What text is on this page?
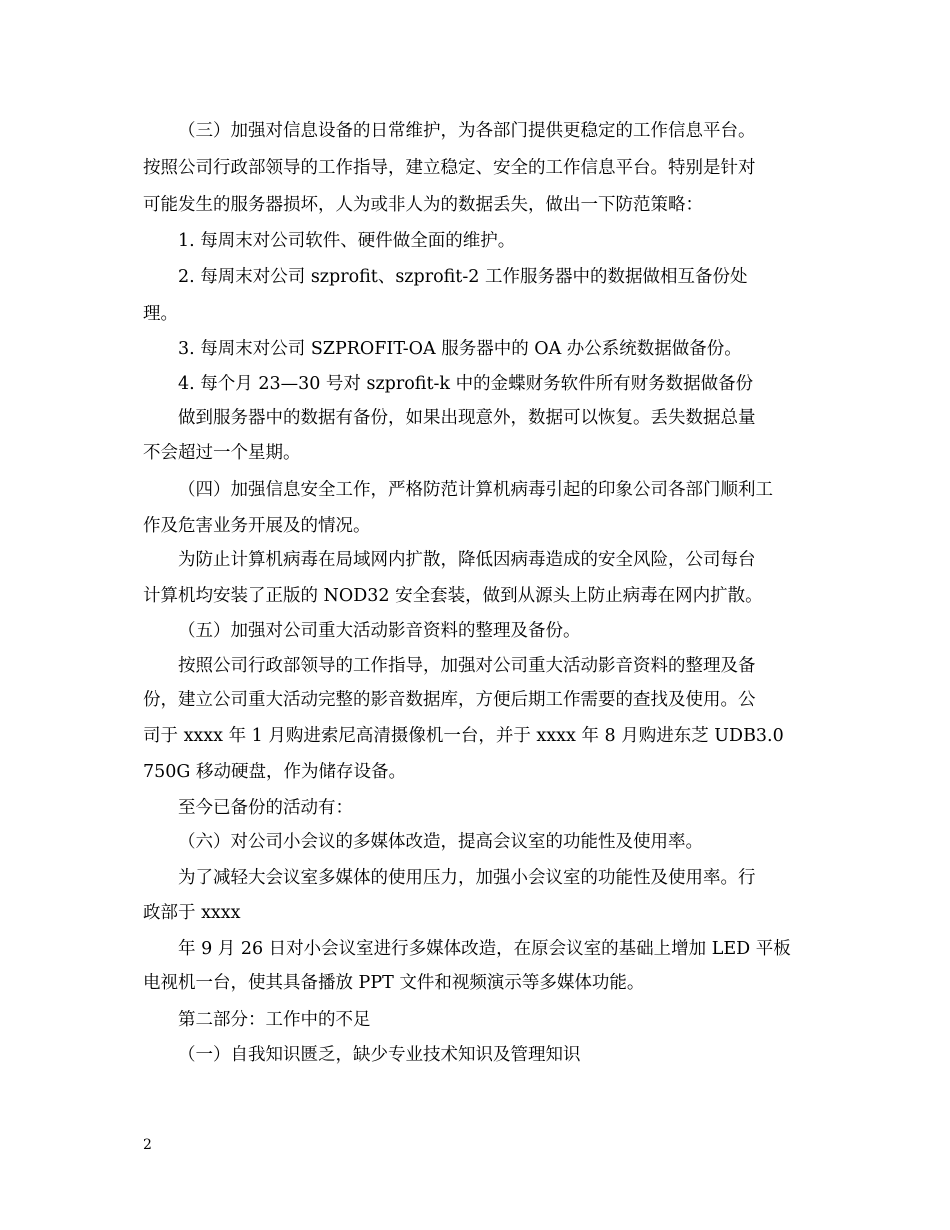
（三）加强对信息设备的日常维护，为各部门提供更稳定的工作信息平台。
按照公司行政部领导的工作指导，建立稳定、安全的工作信息平台。特别是针对
可能发生的服务器损坏，人为或非人为的数据丢失，做出一下防范策略：
1. 每周末对公司软件、硬件做全面的维护。
2. 每周末对公司 szprofit、szprofit-2 工作服务器中的数据做相互备份处
理。
3. 每周末对公司 SZPROFIT-OA 服务器中的 OA 办公系统数据做备份。
4. 每个月 23—30 号对 szprofit-k 中的金蝶财务软件所有财务数据做备份
做到服务器中的数据有备份，如果出现意外，数据可以恢复。丢失数据总量
不会超过一个星期。
（四）加强信息安全工作，严格防范计算机病毒引起的印象公司各部门顺利工
作及危害业务开展及的情况。
为防止计算机病毒在局域网内扩散，降低因病毒造成的安全风险，公司每台
计算机均安装了正版的 NOD32 安全套装，做到从源头上防止病毒在网内扩散。
（五）加强对公司重大活动影音资料的整理及备份。
按照公司行政部领导的工作指导，加强对公司重大活动影音资料的整理及备
份，建立公司重大活动完整的影音数据库，方便后期工作需要的查找及使用。公
司于 xxxx 年 1 月购进索尼高清摄像机一台，并于 xxxx 年 8 月购进东芝 UDB3.0
750G 移动硬盘，作为储存设备。
至今已备份的活动有：
（六）对公司小会议的多媒体改造，提高会议室的功能性及使用率。
为了减轻大会议室多媒体的使用压力，加强小会议室的功能性及使用率。行
政部于 xxxx
年 9 月 26 日对小会议室进行多媒体改造，在原会议室的基础上增加 LED 平板
电视机一台，使其具备播放 PPT 文件和视频演示等多媒体功能。
第二部分：工作中的不足
（一）自我知识匮乏，缺少专业技术知识及管理知识
2
